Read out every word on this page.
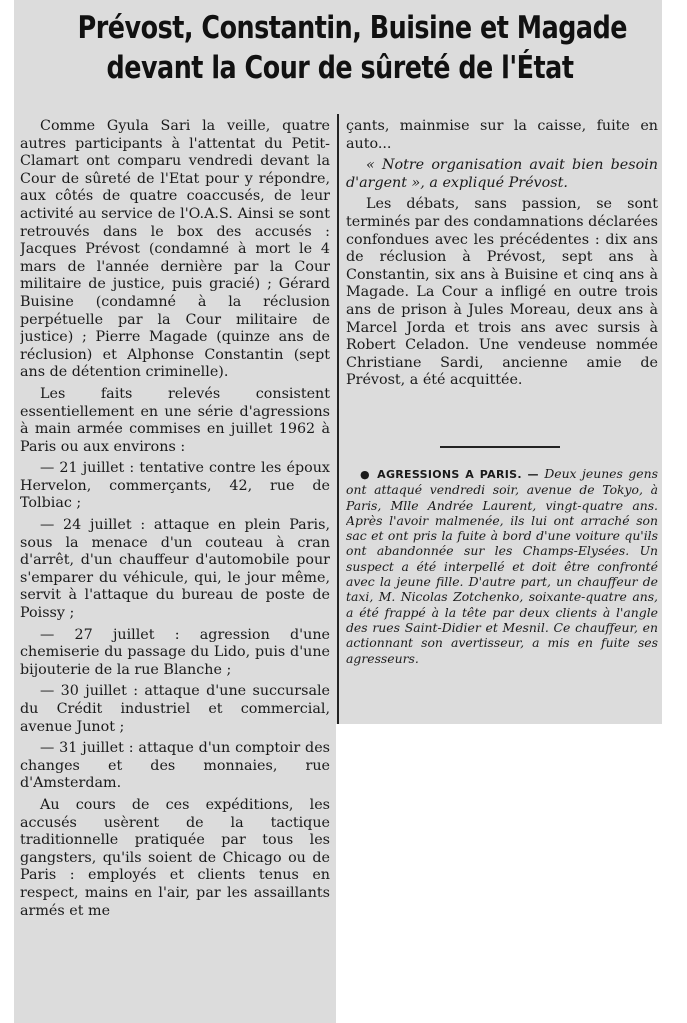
Prévost, Constantin, Buisine et Magade
devant la Cour de sûreté de l'État

Comme Gyula Sari la veille, quatre autres participants à l'attentat du Petit-Clamart ont comparu vendredi devant la Cour de sûreté de l'Etat pour y répondre, aux côtés de quatre coaccusés, de leur activité au service de l'O.A.S. Ainsi se sont retrouvés dans le box des accusés : Jacques Prévost (condamné à mort le 4 mars de l'année dernière par la Cour militaire de justice, puis gracié) ; Gérard Buisine (condamné à la réclusion perpétuelle par la Cour militaire de justice) ; Pierre Magade (quinze ans de réclusion) et Alphonse Constantin (sept ans de détention criminelle).

Les faits relevés consistent essentiellement en une série d'agressions à main armée commises en juillet 1962 à Paris ou aux environs :

— 21 juillet : tentative contre les époux Hervelon, commerçants, 42, rue de Tolbiac ;

— 24 juillet : attaque en plein Paris, sous la menace d'un couteau à cran d'arrêt, d'un chauffeur d'automobile pour s'emparer du véhicule, qui, le jour même, servit à l'attaque du bureau de poste de Poissy ;

— 27 juillet : agression d'une chemiserie du passage du Lido, puis d'une bijouterie de la rue Blanche ;

— 30 juillet : attaque d'une succursale du Crédit industriel et commercial, avenue Junot ;

— 31 juillet : attaque d'un comptoir des changes et des monnaies, rue d'Amsterdam.

Au cours de ces expéditions, les accusés usèrent de la tactique traditionnelle pratiquée par tous les gangsters, qu'ils soient de Chicago ou de Paris : employés et clients tenus en respect, mains en l'air, par les assaillants armés et me

çants, mainmise sur la caisse, fuite en auto...

« Notre organisation avait bien besoin d'argent », a expliqué Prévost.

Les débats, sans passion, se sont terminés par des condamnations déclarées confondues avec les précédentes : dix ans de réclusion à Prévost, sept ans à Constantin, six ans à Buisine et cinq ans à Magade. La Cour a infligé en outre trois ans de prison à Jules Moreau, deux ans à Marcel Jorda et trois ans avec sursis à Robert Celadon. Une vendeuse nommée Christiane Sardi, ancienne amie de Prévost, a été acquittée.

● AGRESSIONS A PARIS. — Deux jeunes gens ont attaqué vendredi soir, avenue de Tokyo, à Paris, Mlle Andrée Laurent, vingt-quatre ans. Après l'avoir malmenée, ils lui ont arraché son sac et ont pris la fuite à bord d'une voiture qu'ils ont abandonnée sur les Champs-Elysées. Un suspect a été interpellé et doit être confronté avec la jeune fille. D'autre part, un chauffeur de taxi, M. Nicolas Zotchenko, soixante-quatre ans, a été frappé à la tête par deux clients à l'angle des rues Saint-Didier et Mesnil. Ce chauffeur, en actionnant son avertisseur, a mis en fuite ses agresseurs.
